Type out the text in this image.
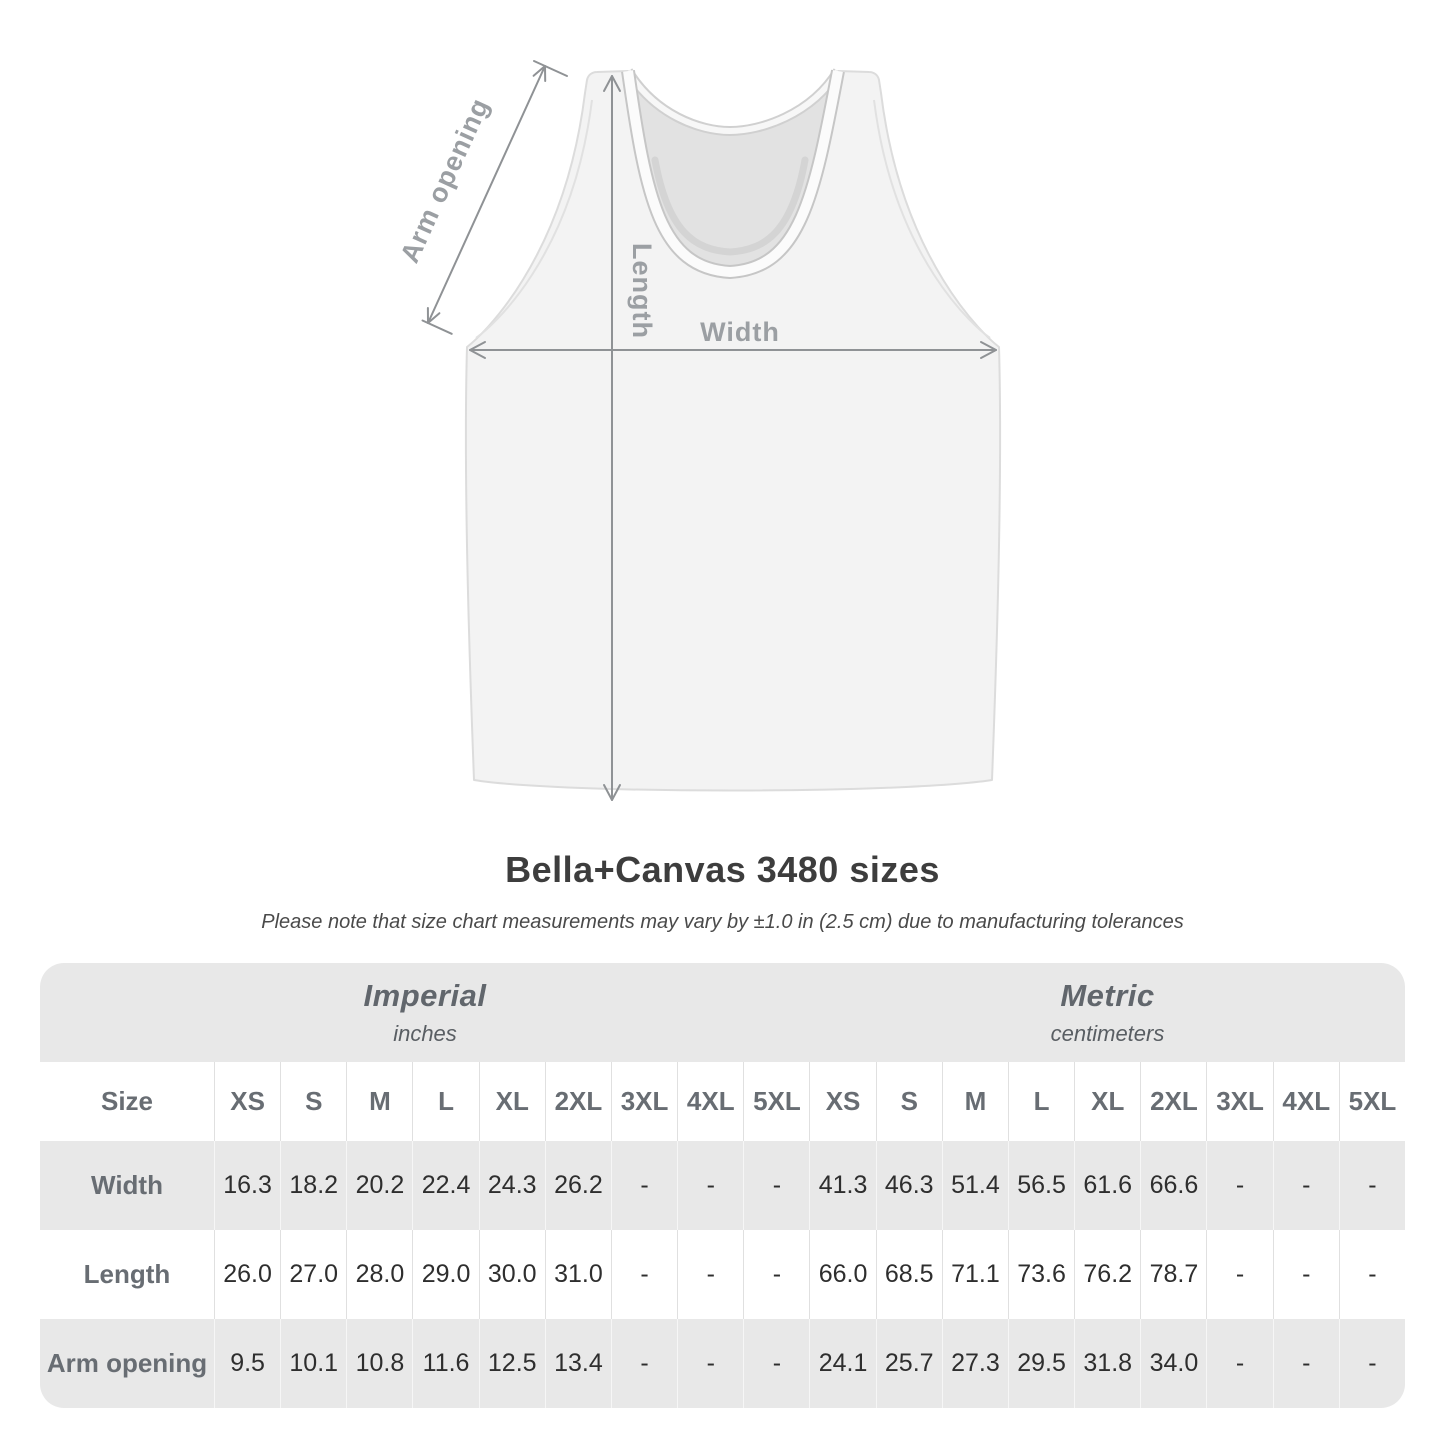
Arm opening
Length Width
Bella+Canvas 3480 sizes

Please note that size chart measurements may vary by ±1.0 in (2.5 cm) due to manufacturing tolerances

Imperial
inches
Metric
centimeters
Size	XS	S	M	L	XL 2XL 3XL 4XL 5XL XS	S	M	L	XL 2XL 3XL 4XL 5XL
Width	16.3 18.2 20.2 22.4 24.3 26.2	-	-	-	41.3 46.3 51.4 56.5 61.6 66.6	-	-	-
Length	26.0 27.0 28.0 29.0 30.0 31.0	-	-	-	66.0 68.5 71.1 73.6 76.2 78.7	-	-	-
Arm opening 9.5 10.1 10.8 11.6 12.5 13.4	-	-	-	24.1 25.7 27.3 29.5 31.8 34.0	-	-	-
